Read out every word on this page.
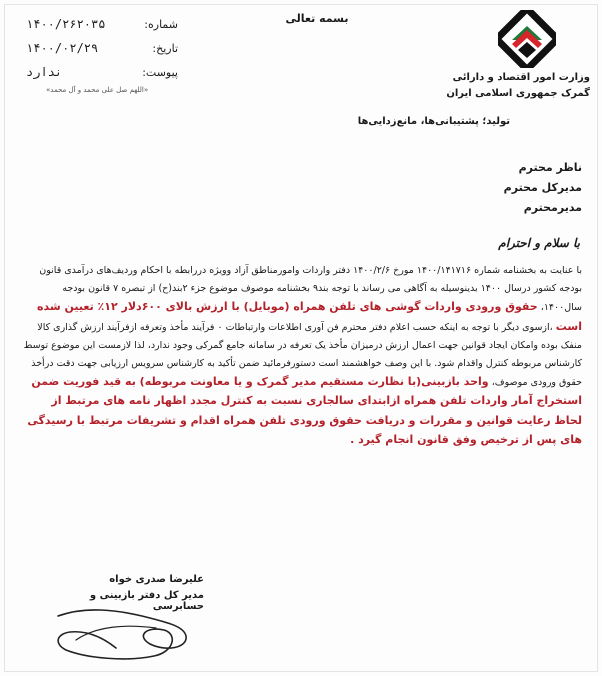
بسمه تعالی
شماره:
۱۴۰۰/۲۶۲۰۳۵
تاریخ:
۱۴۰۰/۰۲/۲۹
پیوست:
ندارد
«اللهم صل علی محمد و آل محمد»
وزارت امور اقتصاد و دارائی
گمرک جمهوری اسلامی ایران
تولید؛ پشتیبانی‌ها، مانع‌زدایی‌ها
ناظر محترم
مدیرکل محترم
مدیرمحترم
با سلام و احترام

با عنایت به بخشنامه شماره ۱۴۰۰/۱۴۱۷۱۶ مورخ ۱۴۰۰/۲/۶ دفتر واردات وامورمناطق آزاد وویژه دررابطه با احکام وردیف‌های درآمدی قانون بودجه کشور درسال ۱۴۰۰ بدینوسیله به آگاهی می رساند با توجه بند۹ بخشنامه موصوف موضوع جزء ۲بند(ح) از تبصره ۷ قانون بودجه سال۱۴۰۰، حقوق ورودی واردات گوشی های تلفن همراه (موبایل) با ارزش بالای ۶۰۰دلار ۱۲٪ تعیین شده است ،ازسوی دیگر با توجه به اینکه حسب اعلام دفتر محترم فن آوری اطلاعات وارتباطات ۰ فرآیند مأخذ وتعرفه ازفرآیند ارزش گذاری کالا منفک بوده وامکان ایجاد قوانین جهت اعمال ارزش درمیزان مأخذ یک تعرفه در سامانه جامع گمرکی وجود ندارد، لذا لازمست این موضوع توسط کارشناس مربوطه کنترل واقدام شود. با این وصف خواهشمند است دستورفرمائید ضمن تأکید به کارشناس سرویس ارزیابی جهت دقت درأخذ حقوق ورودی موصوف، واحد بازبینی(با نظارت مستقیم مدیر گمرک و یا معاونت مربوطه) به قید فوریت ضمن استخراج آمار واردات تلفن همراه ازابتدای سالجاری نسبت به کنترل مجدد اظهار نامه های مرتبط از لحاظ رعایت قوانین و مقررات و دریافت حقوق ورودی تلفن همراه اقدام و تشریفات مرتبط با رسیدگی های پس از ترخیص وفق قانون انجام گیرد .

علیرضا صدری خواه
مدیر کل دفتر بازبینی و حسابرسی
